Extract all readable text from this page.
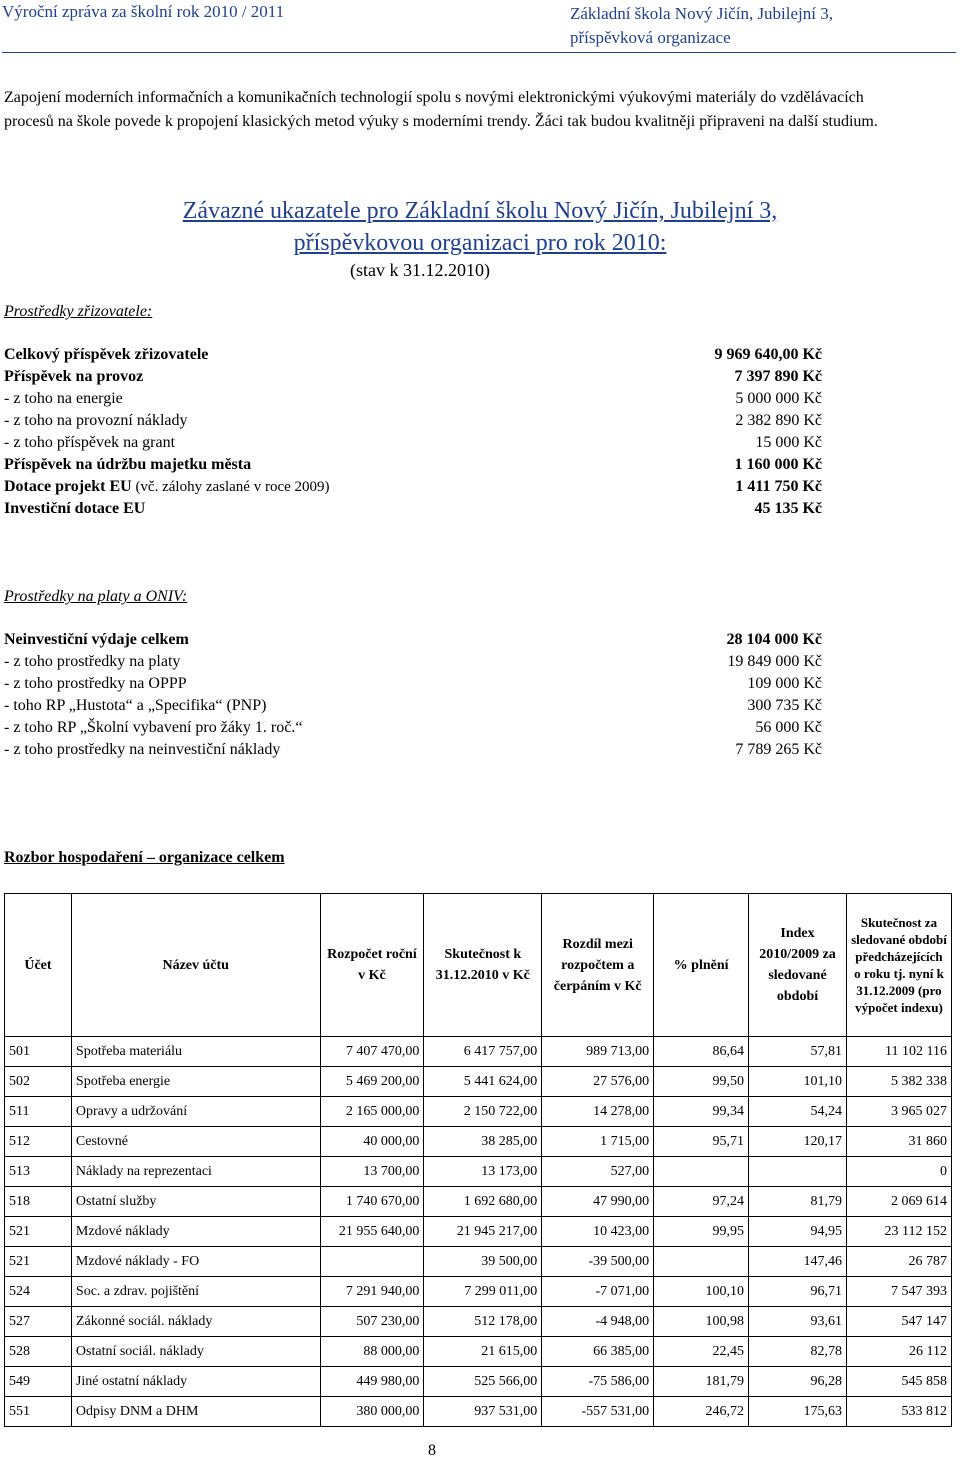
Výroční zpráva za školní rok 2010 / 2011	Základní škola Nový Jičín, Jubilejní 3,
příspěvková organizace

Zapojení moderních informačních a komunikačních technologií spolu s novými elektronickými výukovými materiály do vzdělávacích procesů na škole povede k propojení klasických metod výuky s moderními trendy. Žáci tak budou kvalitněji připraveni na další studium.

Závazné ukazatele pro Základní školu Nový Jičín, Jubilejní 3,
příspěvkovou organizaci pro rok 2010:
(stav k 31.12.2010)
Prostředky zřizovatele:
Celkový příspěvek zřizovatele	9 969 640,00 Kč
Příspěvek na provoz	7 397 890 Kč
- z toho na energie	5 000 000 Kč
- z toho na provozní náklady	2 382 890 Kč
- z toho příspěvek na grant	15 000 Kč
Příspěvek na údržbu majetku města	1 160 000 Kč
Dotace projekt EU (vč. zálohy zaslané v roce 2009)	1 411 750 Kč
Investiční dotace EU	45 135 Kč
Prostředky na platy a ONIV:
Neinvestiční výdaje celkem	28 104 000 Kč
- z toho prostředky na platy	19 849 000 Kč
- z toho prostředky na OPPP	109 000 Kč
- toho RP „Hustota“ a „Specifika“ (PNP)	300 735 Kč
- z toho RP „Školní vybavení pro žáky 1. roč.“	56 000 Kč
- z toho prostředky na neinvestiční náklady	7 789 265 Kč
Rozbor hospodaření – organizace celkem
Účet	Název účtu	Rozpočet roční v Kč	Skutečnost k 31.12.2010 v Kč	Rozdíl mezi rozpočtem a čerpáním v Kč	% plnění	Index 2010/2009 za sledované období	Skutečnost za sledované období předcházejících o roku tj. nyní k 31.12.2009 (pro výpočet indexu)
501	Spotřeba materiálu	7 407 470,00	6 417 757,00	989 713,00	86,64	57,81	11 102 116
502	Spotřeba energie	5 469 200,00	5 441 624,00	27 576,00	99,50	101,10	5 382 338
511	Opravy a udržování	2 165 000,00	2 150 722,00	14 278,00	99,34	54,24	3 965 027
512	Cestovné	40 000,00	38 285,00	1 715,00	95,71	120,17	31 860
513	Náklady na reprezentaci	13 700,00	13 173,00	527,00			0
518	Ostatní služby	1 740 670,00	1 692 680,00	47 990,00	97,24	81,79	2 069 614
521	Mzdové náklady	21 955 640,00	21 945 217,00	10 423,00	99,95	94,95	23 112 152
521	Mzdové náklady - FO		39 500,00	-39 500,00		147,46	26 787
524	Soc. a zdrav. pojištění	7 291 940,00	7 299 011,00	-7 071,00	100,10	96,71	7 547 393
527	Zákonné sociál. náklady	507 230,00	512 178,00	-4 948,00	100,98	93,61	547 147
528	Ostatní sociál. náklady	88 000,00	21 615,00	66 385,00	22,45	82,78	26 112
549	Jiné ostatní náklady	449 980,00	525 566,00	-75 586,00	181,79	96,28	545 858
551	Odpisy DNM a DHM	380 000,00	937 531,00	-557 531,00	246,72	175,63	533 812
8
